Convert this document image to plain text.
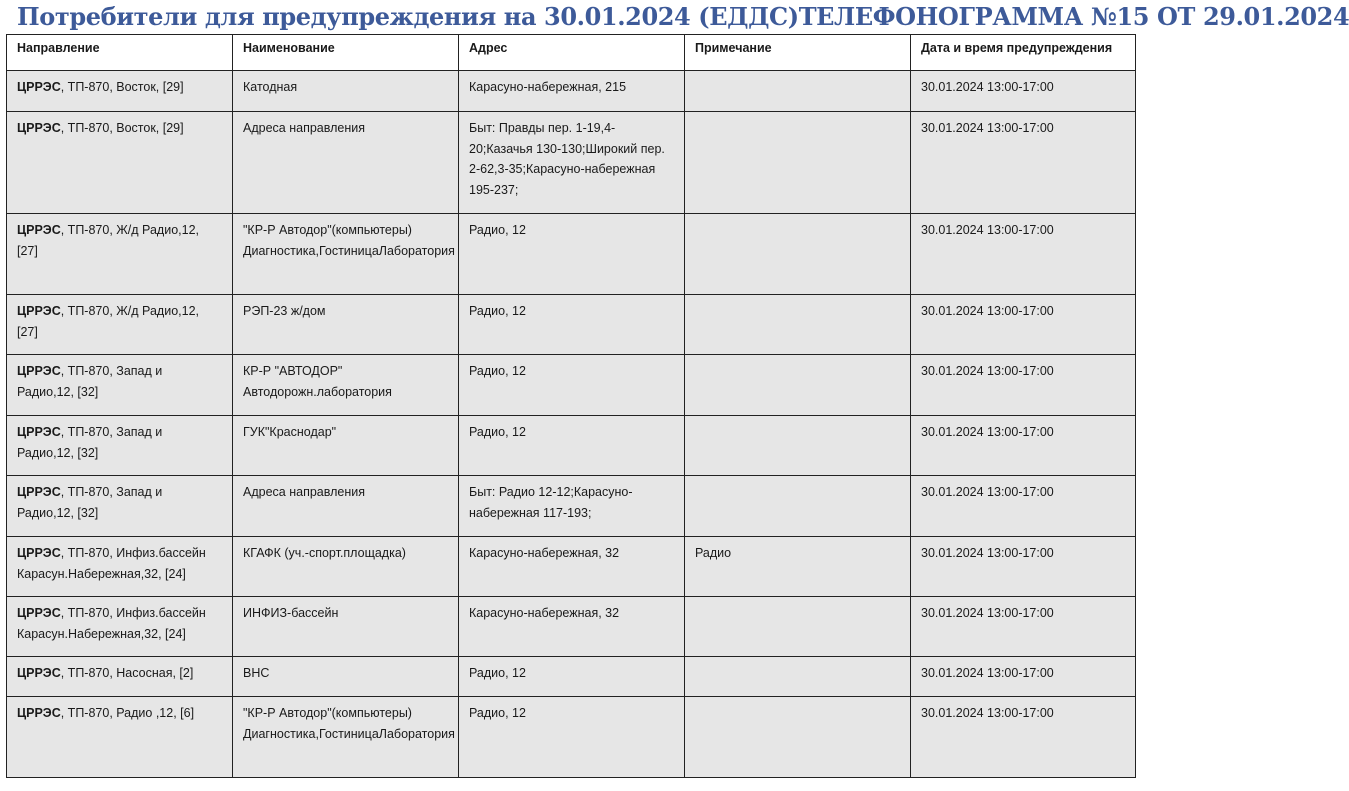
Потребители для предупреждения на 30.01.2024 (ЕДДС)ТЕЛЕФОНОГРАММА №15 ОТ 29.01.2024
Направление	Наименование	Адрес	Примечание	Дата и время предупреждения
ЦРРЭС, ТП-870, Восток, [29]	Катодная	Карасуно-набережная, 215		30.01.2024 13:00-17:00
ЦРРЭС, ТП-870, Восток, [29]	Адреса направления	Быт: Правды пер. 1-19,4-20;Казачья 130-130;Широкий пер. 2-62,3-35;Карасуно-набережная 195-237;		30.01.2024 13:00-17:00
ЦРРЭС, ТП-870, Ж/д Радио,12, [27]	"КР-Р Автодор"(компьютеры) Диагностика,ГостиницаЛаборатория	Радио, 12		30.01.2024 13:00-17:00
ЦРРЭС, ТП-870, Ж/д Радио,12, [27]	РЭП-23 ж/дом	Радио, 12		30.01.2024 13:00-17:00
ЦРРЭС, ТП-870, Запад и Радио,12, [32]	КР-Р "АВТОДОР" Автодорожн.лаборатория	Радио, 12		30.01.2024 13:00-17:00
ЦРРЭС, ТП-870, Запад и Радио,12, [32]	ГУК"Краснодар"	Радио, 12		30.01.2024 13:00-17:00
ЦРРЭС, ТП-870, Запад и Радио,12, [32]	Адреса направления	Быт: Радио 12-12;Карасуно-набережная 117-193;		30.01.2024 13:00-17:00
ЦРРЭС, ТП-870, Инфиз.бассейн Карасун.Набережная,32, [24]	КГАФК (уч.-спорт.площадка)	Карасуно-набережная, 32	Радио	30.01.2024 13:00-17:00
ЦРРЭС, ТП-870, Инфиз.бассейн Карасун.Набережная,32, [24]	ИНФИЗ-бассейн	Карасуно-набережная, 32		30.01.2024 13:00-17:00
ЦРРЭС, ТП-870, Насосная, [2]	ВНС	Радио, 12		30.01.2024 13:00-17:00
ЦРРЭС, ТП-870, Радио ,12, [6]	"КР-Р Автодор"(компьютеры) Диагностика,ГостиницаЛаборатория	Радио, 12		30.01.2024 13:00-17:00
